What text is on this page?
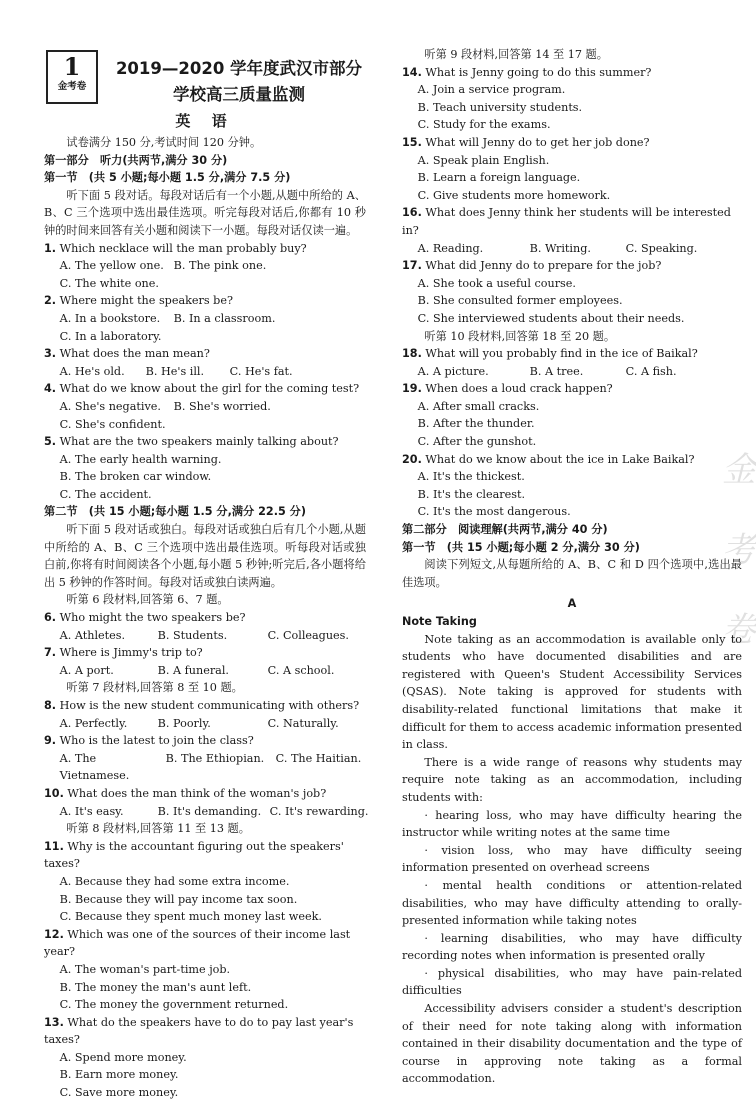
金考卷
1
金考卷
2019—2020 学年度武汉市部分
学校高三质量监测
英 语
试卷满分 150 分,考试时间 120 分钟。
第一部分　听力(共两节,满分 30 分)
第一节　(共 5 小题;每小题 1.5 分,满分 7.5 分)
听下面 5 段对话。每段对话后有一个小题,从题中所给的 A、B、C 三个选项中选出最佳选项。听完每段对话后,你都有 10 秒钟的时间来回答有关小题和阅读下一小题。每段对话仅读一遍。
1. Which necklace will the man probably buy?
A. The yellow one. B. The pink one.
C. The white one.
2. Where might the speakers be?
A. In a bookstore.	B. In a classroom.
C. In a laboratory.
3. What does the man mean?
A. He's old.	B. He's ill.	C. He's fat.
4. What do we know about the girl for the coming test?
A. She's negative.	B. She's worried.
C. She's confident.
5. What are the two speakers mainly talking about?
A. The early health warning.
B. The broken car window.
C. The accident.
第二节　(共 15 小题;每小题 1.5 分,满分 22.5 分)
听下面 5 段对话或独白。每段对话或独白后有几个小题,从题中所给的 A、B、C 三个选项中选出最佳选项。听每段对话或独白前,你将有时间阅读各个小题,每小题 5 秒钟;听完后,各小题将给出 5 秒钟的作答时间。每段对话或独白读两遍。
听第 6 段材料,回答第 6、7 题。
6. Who might the two speakers be?
A. Athletes.	B. Students.	C. Colleagues.
7. Where is Jimmy's trip to?
A. A port.	B. A funeral.	C. A school.
听第 7 段材料,回答第 8 至 10 题。
8. How is the new student communicating with others?
A. Perfectly.	B. Poorly.	C. Naturally.
9. Who is the latest to join the class?
A. The Vietnamese.
B. The Ethiopian.	C. The Haitian.
10. What does the man think of the woman's job?
A. It's easy.	B. It's demanding. C. It's rewarding.
听第 8 段材料,回答第 11 至 13 题。
11. Why is the accountant figuring out the speakers' taxes?
A. Because they had some extra income.
B. Because they will pay income tax soon.
C. Because they spent much money last week.
12. Which was one of the sources of their income last year?
A. The woman's part-time job.
B. The money the man's aunt left.
C. The money the government returned.
13. What do the speakers have to do to pay last year's taxes?
A. Spend more money.
B. Earn more money.
C. Save more money.
听第 9 段材料,回答第 14 至 17 题。
14. What is Jenny going to do this summer?
A. Join a service program.
B. Teach university students.
C. Study for the exams.
15. What will Jenny do to get her job done?
A. Speak plain English.
B. Learn a foreign language.
C. Give students more homework.
16. What does Jenny think her students will be interested in?
A. Reading.	B. Writing.	C. Speaking.
17. What did Jenny do to prepare for the job?
A. She took a useful course.
B. She consulted former employees.
C. She interviewed students about their needs.
听第 10 段材料,回答第 18 至 20 题。
18. What will you probably find in the ice of Baikal?
A. A picture.	B. A tree.	C. A fish.
19. When does a loud crack happen?
A. After small cracks.
B. After the thunder.
C. After the gunshot.
20. What do we know about the ice in Lake Baikal?
A. It's the thickest.
B. It's the clearest.
C. It's the most dangerous.
第二部分　阅读理解(共两节,满分 40 分)
第一节　(共 15 小题;每小题 2 分,满分 30 分)
阅读下列短文,从每题所给的 A、B、C 和 D 四个选项中,选出最佳选项。
A
Note Taking
Note taking as an accommodation is available only to students who have documented disabilities and are registered with Queen's Student Accessibility Services (QSAS). Note taking is approved for students with disability-related functional limitations that make it difficult for them to access academic information presented in class.
There is a wide range of reasons why students may require note taking as an accommodation, including students with:
· hearing loss, who may have difficulty hearing the instructor while writing notes at the same time
· vision loss, who may have difficulty seeing information presented on overhead screens
· mental health conditions or attention-related disabilities, who may have difficulty attending to orally-presented information while taking notes
· learning disabilities, who may have difficulty recording notes when information is presented orally
· physical disabilities, who may have pain-related difficulties
Accessibility advisers consider a student's description of their need for note taking along with information contained in their disability documentation and the type of course in approving note taking as a formal accommodation.
